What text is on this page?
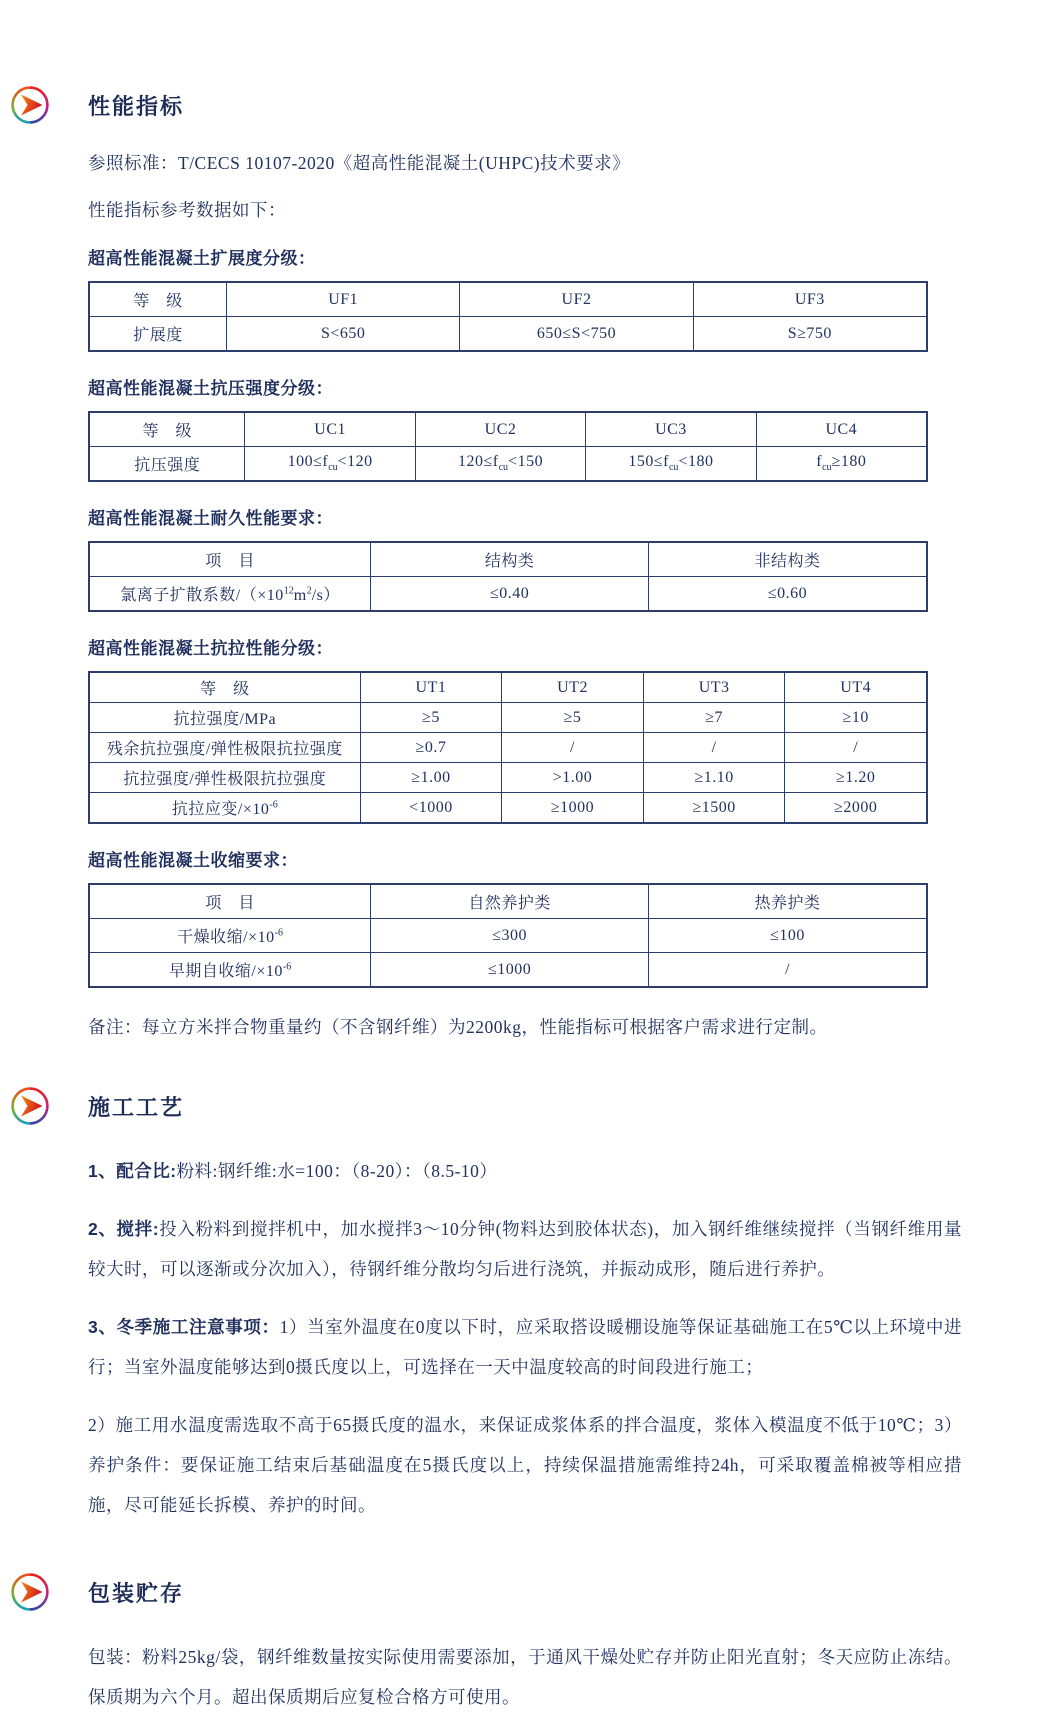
性能指标
参照标准：T/CECS 10107-2020《超高性能混凝土(UHPC)技术要求》
性能指标参考数据如下：
超高性能混凝土扩展度分级：
等　级	UF1	UF2	UF3
扩展度	S<650	650≤S<750	S≥750
超高性能混凝土抗压强度分级：
等　级	UC1	UC2	UC3	UC4
抗压强度	$100\le f_{cu}<120$	$120\le f_{cu}<150$	$150\le f_{cu}<180$	$f_{cu}\ge 180$
超高性能混凝土耐久性能要求：
项　目	结构类	非结构类
氯离子扩散系数$/(\times 10^{12}m^2/s)$	≤0.40	≤0.60
超高性能混凝土抗拉性能分级：
等　级	UT1	UT2	UT3	UT4
抗拉强度/MPa	≥5	≥5	≥7	≥10
残余抗拉强度/弹性极限抗拉强度	≥0.7	/	/	/
抗拉强度/弹性极限抗拉强度	≥1.00	>1.00	≥1.10	≥1.20
抗拉应变$/\times 10^{-6}$	<1000	≥1000	≥1500	≥2000
超高性能混凝土收缩要求：
项　目	自然养护类	热养护类
干燥收缩$/\times 10^{-6}$	≤300	≤100
早期自收缩$/\times 10^{-6}$	≤1000	/
备注：每立方米拌合物重量约（不含钢纤维）为2200kg，性能指标可根据客户需求进行定制。
施工工艺

1、配合比:粉料:钢纤维:水=100：（8-20）：（8.5-10）

2、搅拌:投入粉料到搅拌机中，加水搅拌3～10分钟(物料达到胶体状态)，加入钢纤维继续搅拌（当钢纤维用量较大时，可以逐渐或分次加入），待钢纤维分散均匀后进行浇筑，并振动成形，随后进行养护。

3、冬季施工注意事项：1）当室外温度在0度以下时，应采取搭设暖棚设施等保证基础施工在5℃以上环境中进行；当室外温度能够达到0摄氏度以上，可选择在一天中温度较高的时间段进行施工；

2）施工用水温度需选取不高于65摄氏度的温水，来保证成浆体系的拌合温度，浆体入模温度不低于10℃；3）养护条件：要保证施工结束后基础温度在5摄氏度以上，持续保温措施需维持24h，可采取覆盖棉被等相应措施，尽可能延长拆模、养护的时间。

包装贮存

包装：粉料25kg/袋，钢纤维数量按实际使用需要添加，于通风干燥处贮存并防止阳光直射；冬天应防止冻结。保质期为六个月。超出保质期后应复检合格方可使用。
